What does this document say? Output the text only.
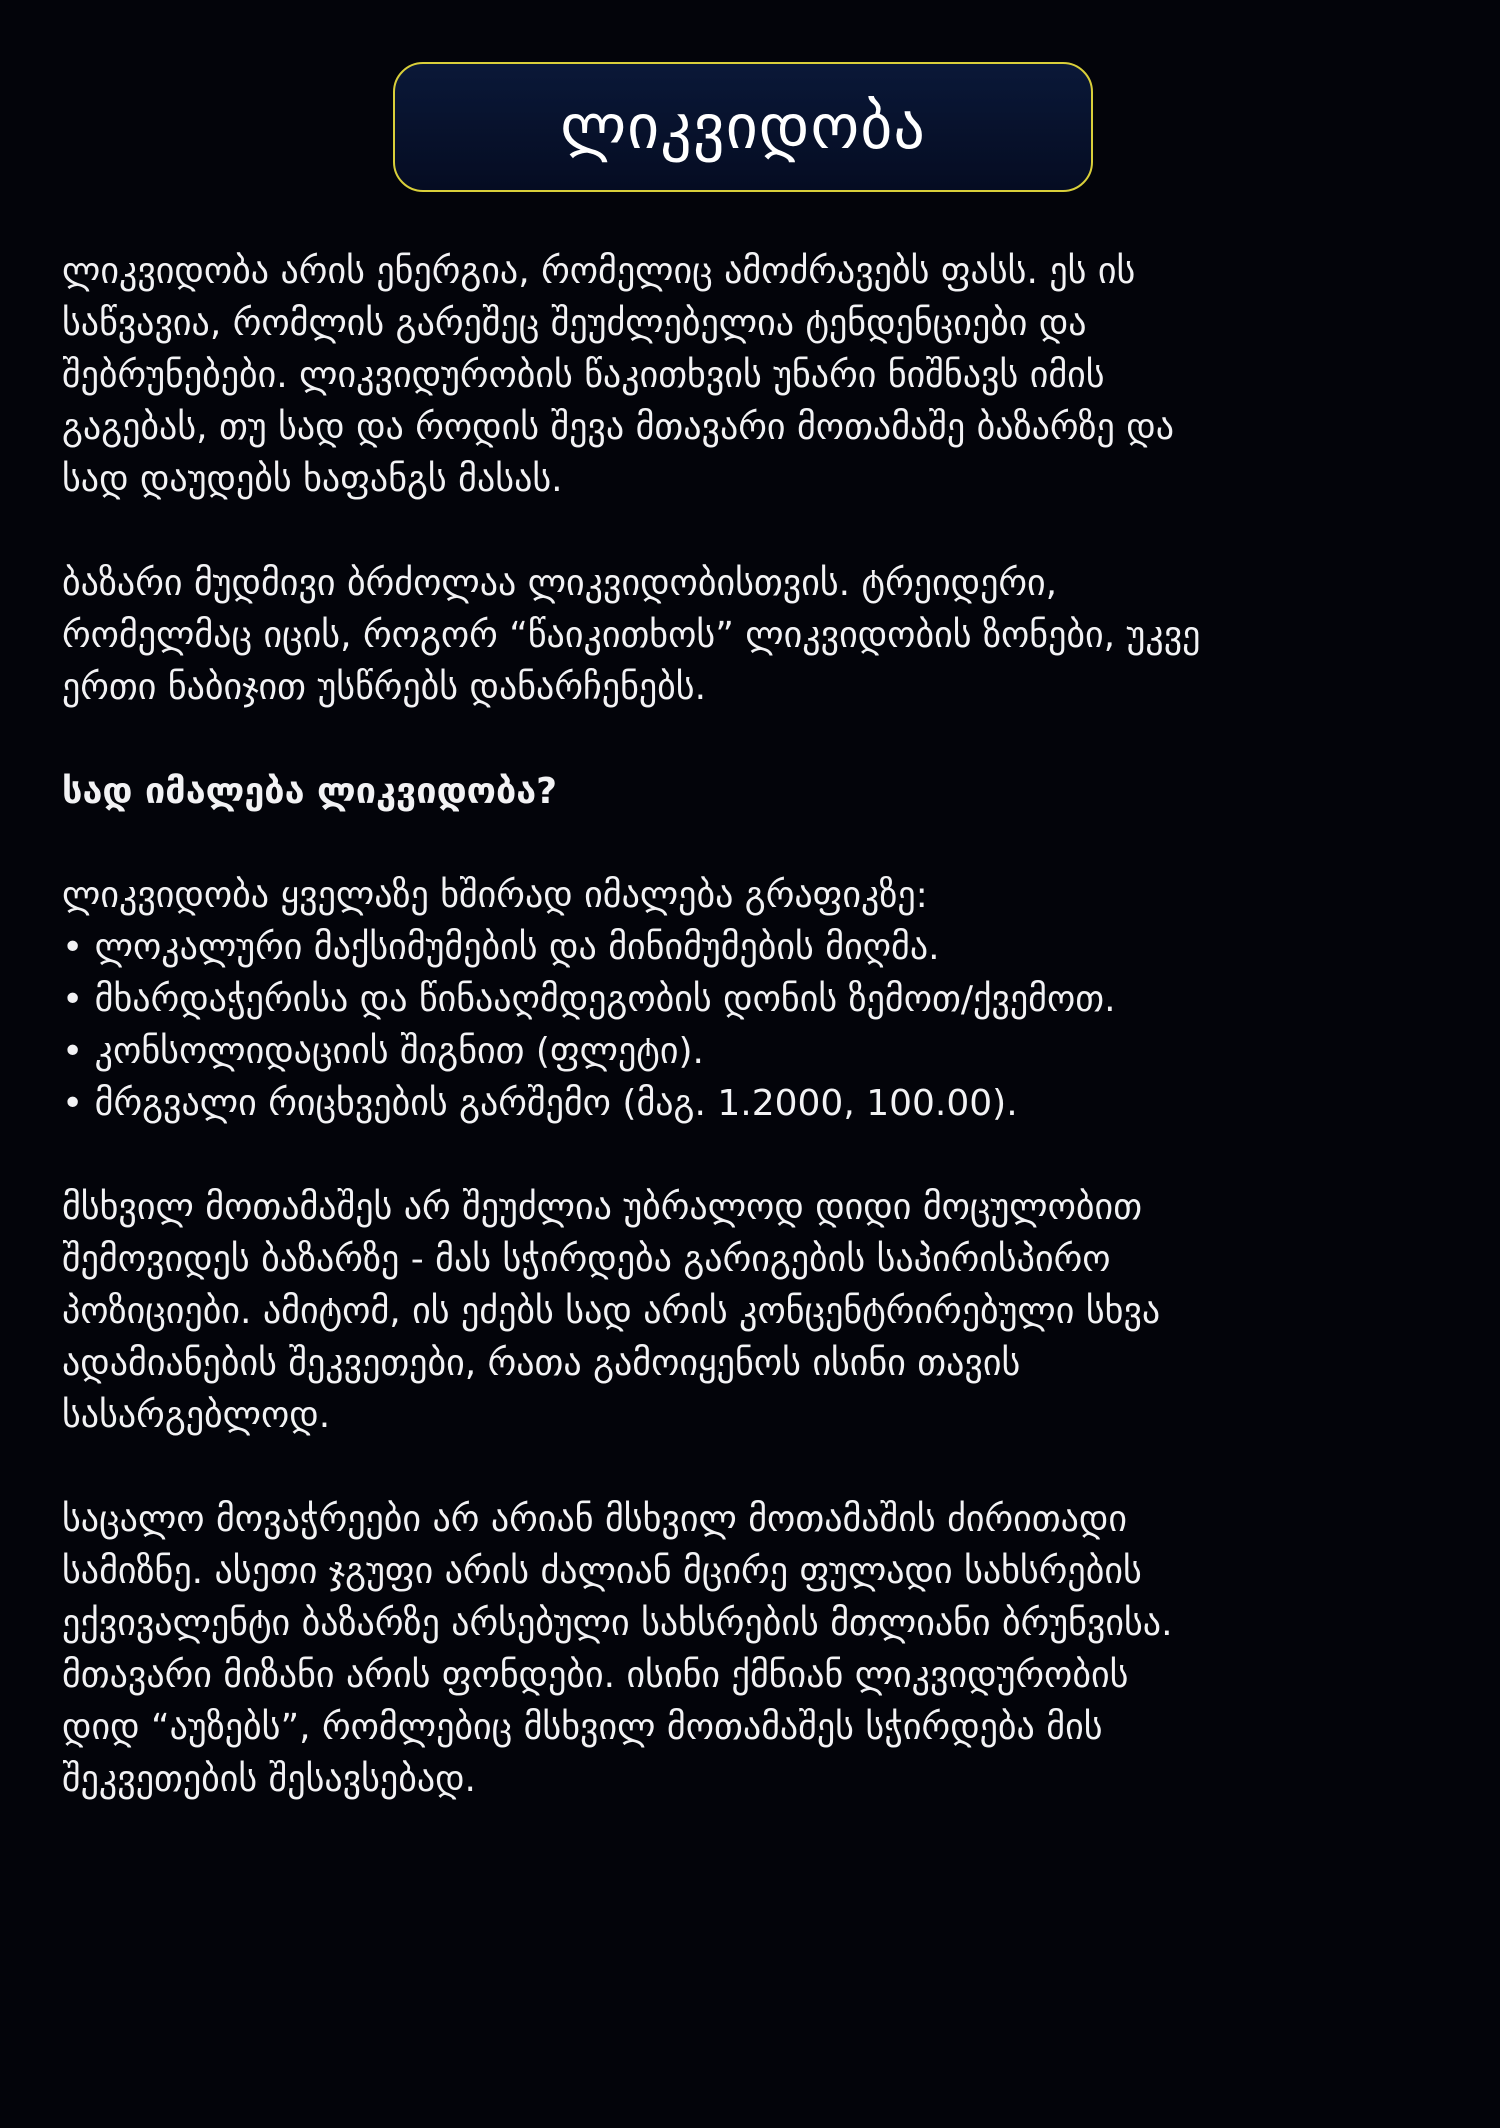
ლიკვიდობა

ლიკვიდობა არის ენერგია, რომელიც ამოძრავებს ფასს. ეს ის
საწვავია, რომლის გარეშეც შეუძლებელია ტენდენციები და
შებრუნებები. ლიკვიდურობის წაკითხვის უნარი ნიშნავს იმის
გაგებას, თუ სად და როდის შევა მთავარი მოთამაშე ბაზარზე და
სად დაუდებს ხაფანგს მასას.

ბაზარი მუდმივი ბრძოლაა ლიკვიდობისთვის. ტრეიდერი,
რომელმაც იცის, როგორ “წაიკითხოს” ლიკვიდობის ზონები, უკვე
ერთი ნაბიჯით უსწრებს დანარჩენებს.

სად იმალება ლიკვიდობა?

ლიკვიდობა ყველაზე ხშირად იმალება გრაფიკზე:
• ლოკალური მაქსიმუმების და მინიმუმების მიღმა.
• მხარდაჭერისა და წინააღმდეგობის დონის ზემოთ/ქვემოთ.
• კონსოლიდაციის შიგნით (ფლეტი).
• მრგვალი რიცხვების გარშემო (მაგ. 1.2000, 100.00).

მსხვილ მოთამაშეს არ შეუძლია უბრალოდ დიდი მოცულობით
შემოვიდეს ბაზარზე - მას სჭირდება გარიგების საპირისპირო
პოზიციები. ამიტომ, ის ეძებს სად არის კონცენტრირებული სხვა
ადამიანების შეკვეთები, რათა გამოიყენოს ისინი თავის
სასარგებლოდ.

საცალო მოვაჭრეები არ არიან მსხვილ მოთამაშის ძირითადი
სამიზნე. ასეთი ჯგუფი არის ძალიან მცირე ფულადი სახსრების
ექვივალენტი ბაზარზე არსებული სახსრების მთლიანი ბრუნვისა.
მთავარი მიზანი არის ფონდები. ისინი ქმნიან ლიკვიდურობის
დიდ “აუზებს”, რომლებიც მსხვილ მოთამაშეს სჭირდება მის
შეკვეთების შესავსებად.
